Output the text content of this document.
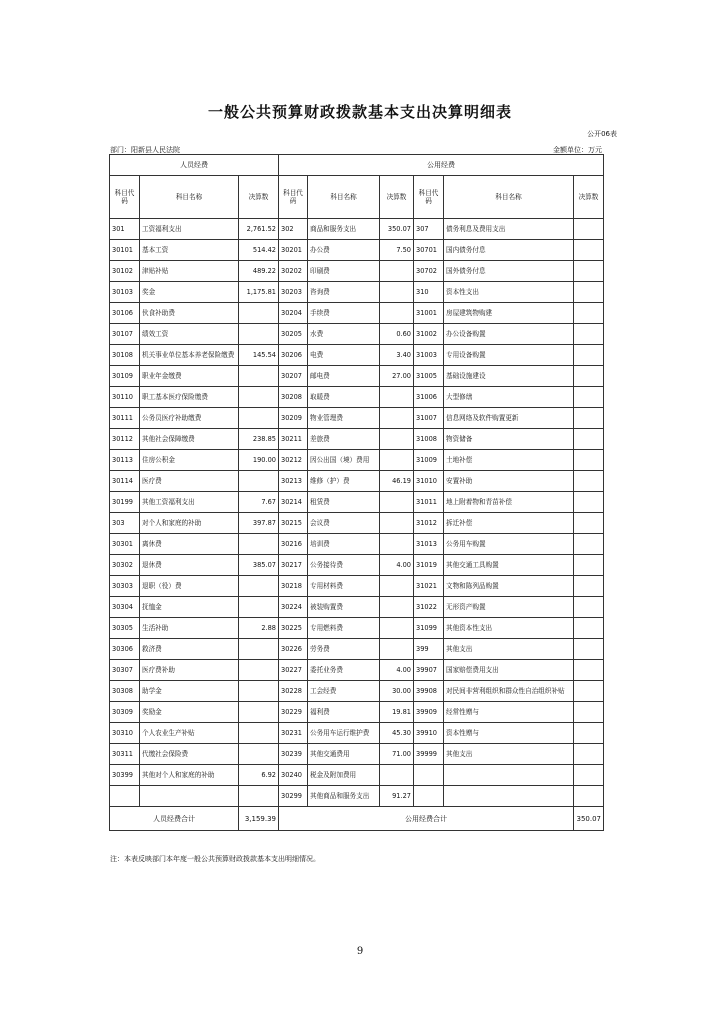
一般公共预算财政拨款基本支出决算明细表
公开06表
部门：阳新县人民法院	金额单位：万元
人员经费			公用经费					
科目代码	科目名称	决算数	科目代码	科目名称	决算数	科目代码	科目名称	决算数
301	工资福利支出	2,761.52	302	商品和服务支出	350.07	307	债务利息及费用支出	
30101	基本工资	514.42	30201	办公费	7.50	30701	国内债务付息	
30102	津贴补贴	489.22	30202	印刷费		30702	国外债务付息	
30103	奖金	1,175.81	30203	咨询费		310	资本性支出	
30106	伙食补助费		30204	手续费		31001	房屋建筑物购建	
30107	绩效工资		30205	水费	0.60	31002	办公设备购置	
30108	机关事业单位基本养老保险缴费	145.54	30206	电费	3.40	31003	专用设备购置	
30109	职业年金缴费		30207	邮电费	27.00	31005	基础设施建设	
30110	职工基本医疗保险缴费		30208	取暖费		31006	大型修缮	
30111	公务员医疗补助缴费		30209	物业管理费		31007	信息网络及软件购置更新	
30112	其他社会保障缴费	238.85	30211	差旅费		31008	物资储备	
30113	住房公积金	190.00	30212	因公出国（境）费用		31009	土地补偿	
30114	医疗费		30213	维修（护）费	46.19	31010	安置补助	
30199	其他工资福利支出	7.67	30214	租赁费		31011	地上附着物和青苗补偿	
303	对个人和家庭的补助	397.87	30215	会议费		31012	拆迁补偿	
30301	离休费		30216	培训费		31013	公务用车购置	
30302	退休费	385.07	30217	公务接待费	4.00	31019	其他交通工具购置	
30303	退职（役）费		30218	专用材料费		31021	文物和陈列品购置	
30304	抚恤金		30224	被装购置费		31022	无形资产购置	
30305	生活补助	2.88	30225	专用燃料费		31099	其他资本性支出	
30306	救济费		30226	劳务费		399	其他支出	
30307	医疗费补助		30227	委托业务费	4.00	39907	国家赔偿费用支出	
30308	助学金		30228	工会经费	30.00	39908	对民间非营利组织和群众性自治组织补贴	
30309	奖励金		30229	福利费	19.81	39909	经常性赠与	
30310	个人农业生产补贴		30231	公务用车运行维护费	45.30	39910	资本性赠与	
30311	代缴社会保险费		30239	其他交通费用	71.00	39999	其他支出	
30399	其他对个人和家庭的补助	6.92	30240	税金及附加费用				
			30299	其他商品和服务支出	91.27			
人员经费合计		3,159.39	公用经费合计					350.07
注：本表反映部门本年度一般公共预算财政拨款基本支出明细情况。
9
